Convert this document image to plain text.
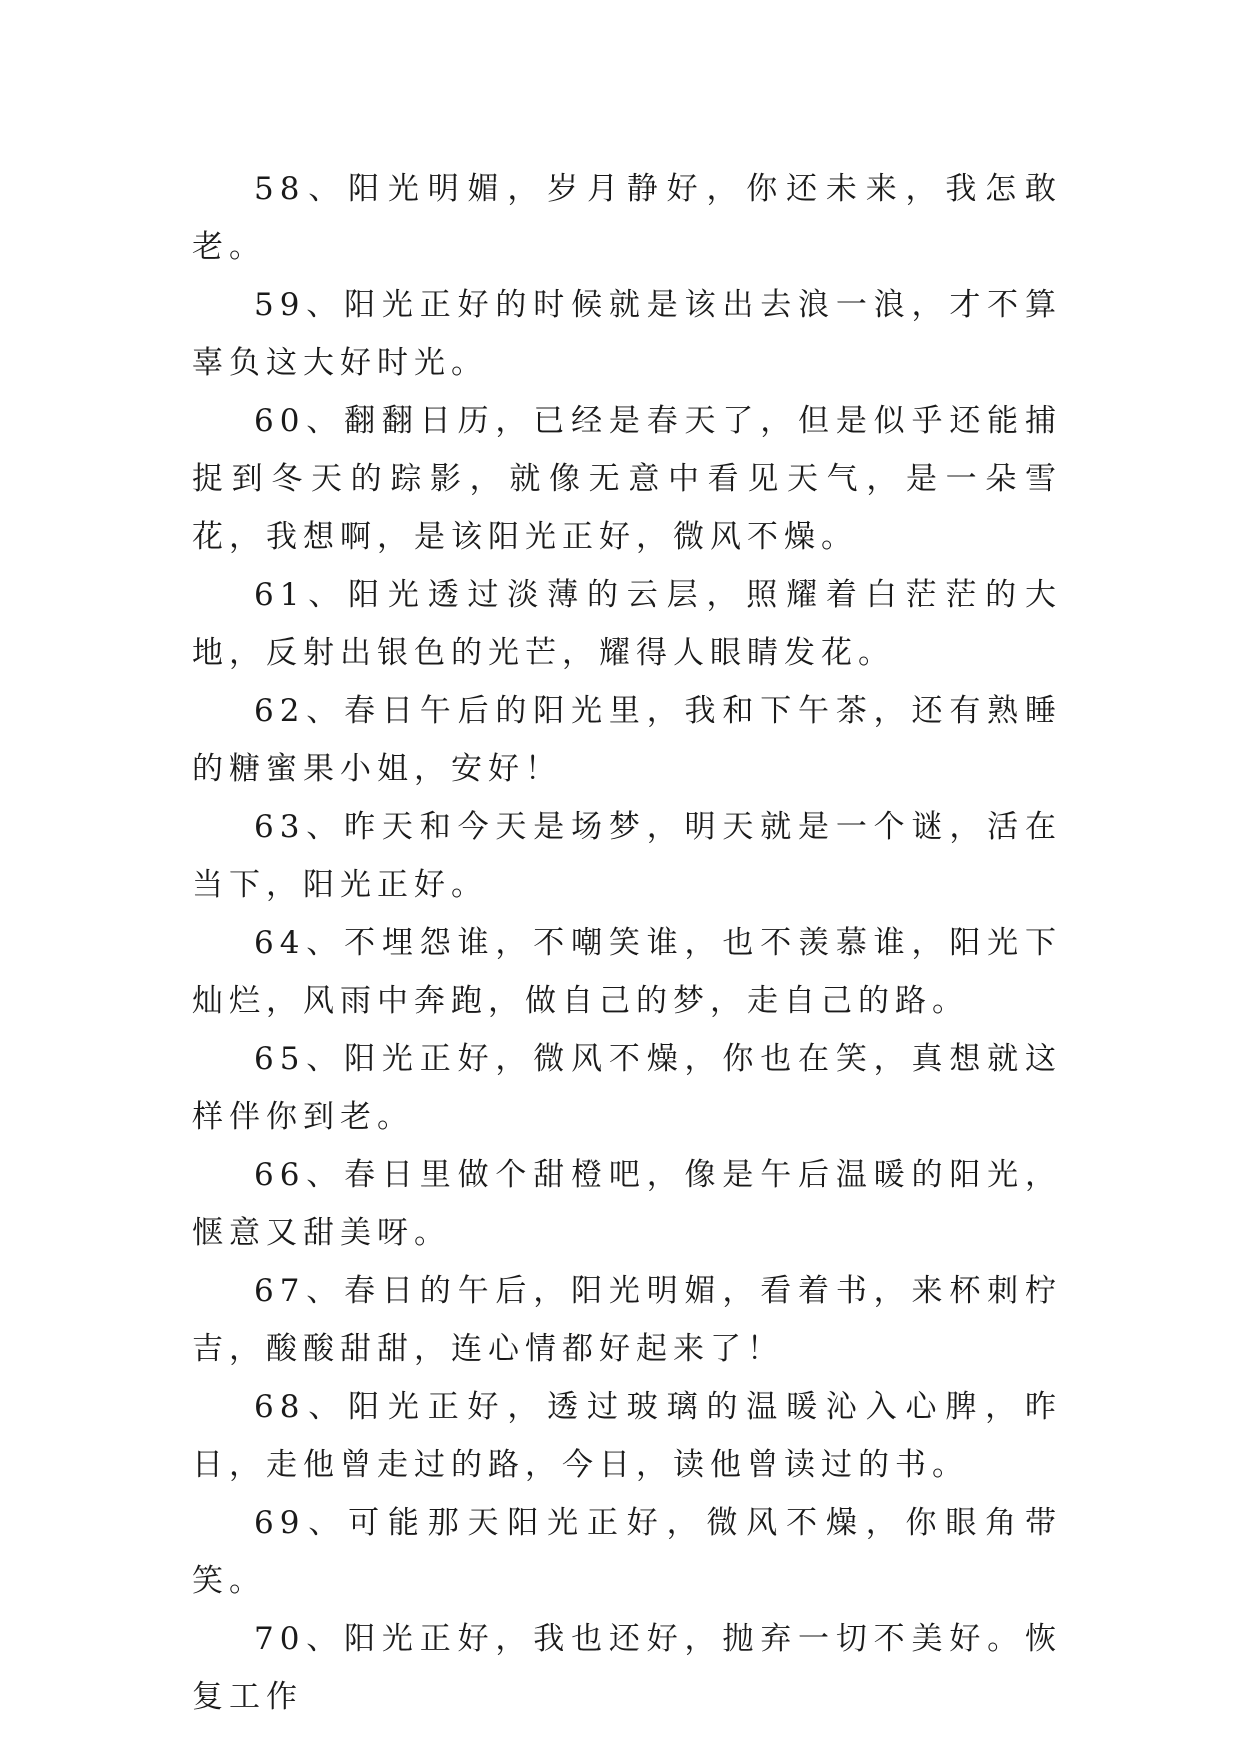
58、阳光明媚，岁月静好，你还未来，我怎敢老。

59、阳光正好的时候就是该出去浪一浪，才不算辜负这大好时光。

60、翻翻日历，已经是春天了，但是似乎还能捕捉到冬天的踪影，就像无意中看见天气，是一朵雪花，我想啊，是该阳光正好，微风不燥。

61、阳光透过淡薄的云层，照耀着白茫茫的大地，反射出银色的光芒，耀得人眼睛发花。

62、春日午后的阳光里，我和下午茶，还有熟睡的糖蜜果小姐，安好！

63、昨天和今天是场梦，明天就是一个谜，活在当下，阳光正好。

64、不埋怨谁，不嘲笑谁，也不羡慕谁，阳光下灿烂，风雨中奔跑，做自己的梦，走自己的路。

65、阳光正好，微风不燥，你也在笑，真想就这样伴你到老。

66、春日里做个甜橙吧，像是午后温暖的阳光，惬意又甜美呀。

67、春日的午后，阳光明媚，看着书，来杯刺柠吉，酸酸甜甜，连心情都好起来了！

68、阳光正好，透过玻璃的温暖沁入心脾，昨日，走他曾走过的路，今日，读他曾读过的书。

69、可能那天阳光正好，微风不燥，你眼角带笑。

70、阳光正好，我也还好，抛弃一切不美好。恢复工作
